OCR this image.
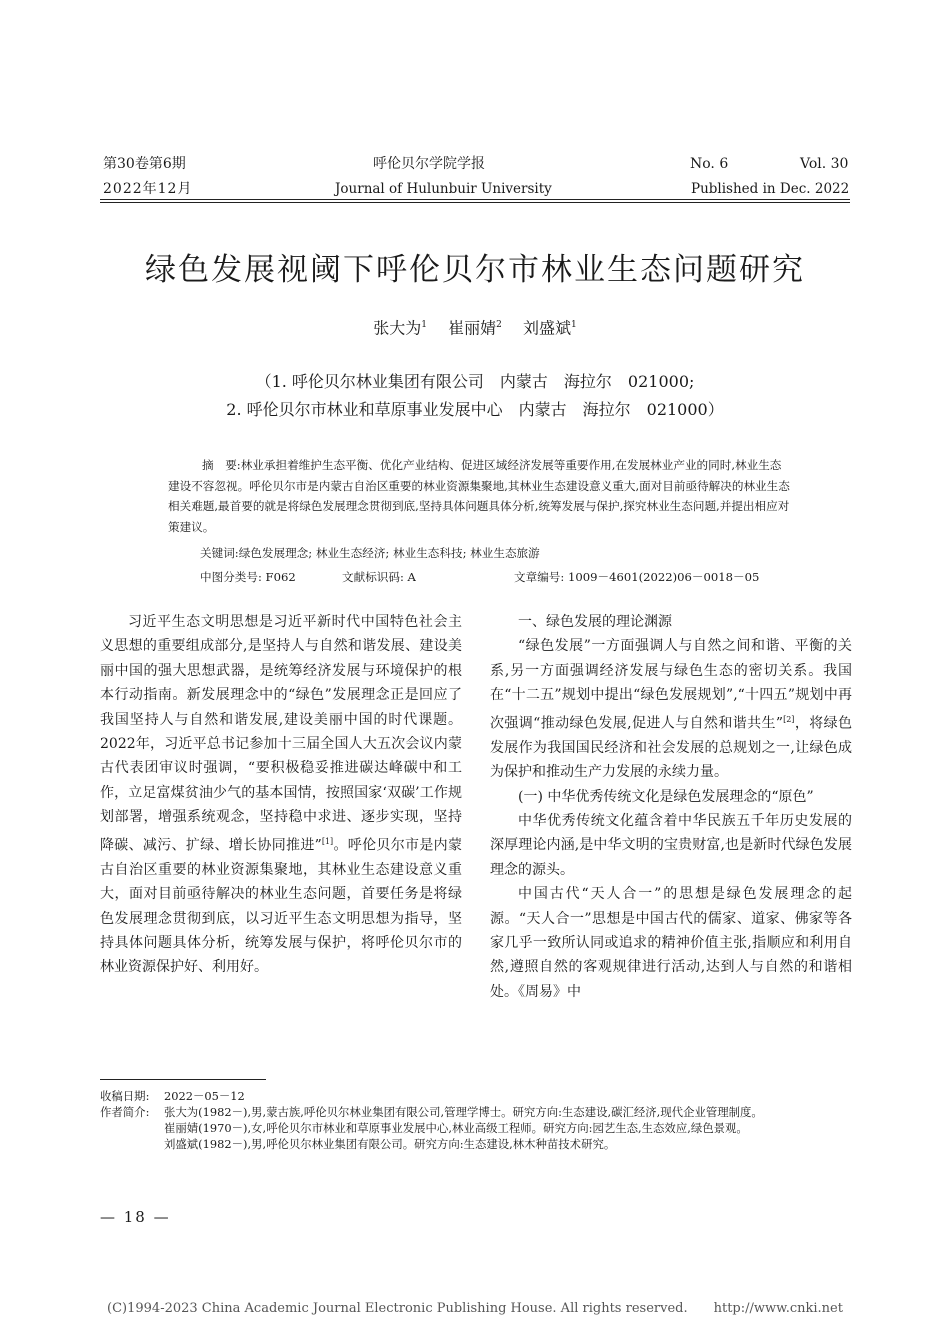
第30卷第6期	呼伦贝尔学院学报	No. 6	Vol. 30
2022年12月	Journal of Hulunbuir University	Published in Dec. 2022
绿色发展视阈下呼伦贝尔市林业生态问题研究
张大为$^1$  崔丽婧$^2$  刘盛斌$^1$
（1. 呼伦贝尔林业集团有限公司　内蒙古　海拉尔　021000;
2. 呼伦贝尔市林业和草原事业发展中心　内蒙古　海拉尔　021000）

摘　要:林业承担着维护生态平衡、优化产业结构、促进区域经济发展等重要作用,在发展林业产业的同时,林业生态建设不容忽视。呼伦贝尔市是内蒙古自治区重要的林业资源集聚地,其林业生态建设意义重大,面对目前亟待解决的林业生态相关难题,最首要的就是将绿色发展理念贯彻到底,坚持具体问题具体分析,统筹发展与保护,探究林业生态问题,并提出相应对策建议。

关键词:绿色发展理念; 林业生态经济; 林业生态科技; 林业生态旅游
中图分类号: F062	文献标识码: A	文章编号: 1009－4601(2022)06－0018－05

习近平生态文明思想是习近平新时代中国特色社会主义思想的重要组成部分,是坚持人与自然和谐发展、建设美丽中国的强大思想武器，是统筹经济发展与环境保护的根本行动指南。新发展理念中的“绿色”发展理念正是回应了我国坚持人与自然和谐发展,建设美丽中国的时代课题。2022年，习近平总书记参加十三届全国人大五次会议内蒙古代表团审议时强调，“要积极稳妥推进碳达峰碳中和工作，立足富煤贫油少气的基本国情，按照国家‘双碳’工作规划部署，增强系统观念，坚持稳中求进、逐步实现，坚持降碳、减污、扩绿、增长协同推进”[1]。呼伦贝尔市是内蒙古自治区重要的林业资源集聚地，其林业生态建设意义重大，面对目前亟待解决的林业生态问题，首要任务是将绿色发展理念贯彻到底，以习近平生态文明思想为指导，坚持具体问题具体分析，统筹发展与保护，将呼伦贝尔市的林业资源保护好、利用好。

一、绿色发展的理论渊源

“绿色发展”一方面强调人与自然之间和谐、平衡的关系,另一方面强调经济发展与绿色生态的密切关系。我国在“十二五”规划中提出“绿色发展规划”,“十四五”规划中再次强调“推动绿色发展,促进人与自然和谐共生”[2]，将绿色发展作为我国国民经济和社会发展的总规划之一,让绿色成为保护和推动生产力发展的永续力量。

(一) 中华优秀传统文化是绿色发展理念的“原色”

中华优秀传统文化蕴含着中华民族五千年历史发展的深厚理论内涵,是中华文明的宝贵财富,也是新时代绿色发展理念的源头。

中国古代“天人合一”的思想是绿色发展理念的起源。“天人合一”思想是中国古代的儒家、道家、佛家等各家几乎一致所认同或追求的精神价值主张,指顺应和利用自然,遵照自然的客观规律进行活动,达到人与自然的和谐相处。《周易》中

收稿日期:	2022－05－12
作者简介:	张大为(1982－),男,蒙古族,呼伦贝尔林业集团有限公司,管理学博士。研究方向:生态建设,碳汇经济,现代企业管理制度。
崔丽婧(1970－),女,呼伦贝尔市林业和草原事业发展中心,林业高级工程师。研究方向:园艺生态,生态效应,绿色景观。
刘盛斌(1982－),男,呼伦贝尔林业集团有限公司。研究方向:生态建设,林木种苗技术研究。
— 18 —
(C)1994-2023 China Academic Journal Electronic Publishing House. All rights reserved.　　http://www.cnki.net
